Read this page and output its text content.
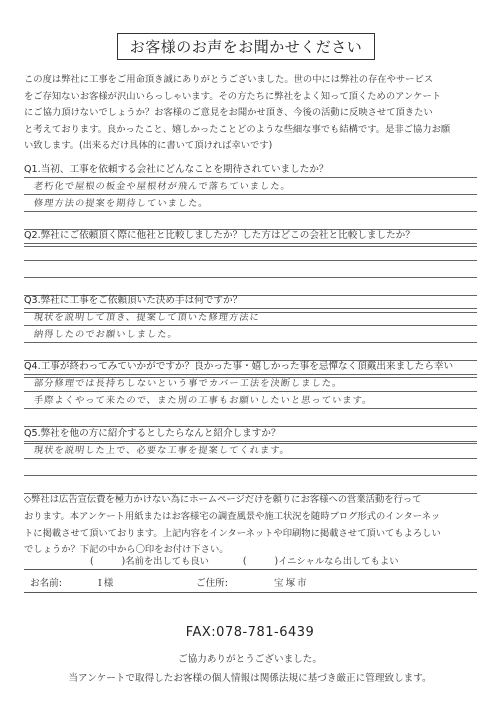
お客様のお声をお聞かせください
この度は弊社に工事をご用命頂き誠にありがとうございました。世の中には弊社の存在やサービス
をご存知ないお客様が沢山いらっしゃいます。その方たちに弊社をよく知って頂くためのアンケート
にご協力頂けないでしょうか？お客様のご意見をお聞かせ頂き、今後の活動に反映させて頂きたい
と考えております。良かったこと、嬉しかったことどのような些細な事でも結構です。是非ご協力お願
い致します。(出来るだけ具体的に書いて頂ければ幸いです)
Q1.当初、工事を依頼する会社にどんなことを期待されていましたか？
老朽化で屋根の板金や屋根材が飛んで落ちていました。
修理方法の提案を期待していました。
Q2.弊社にご依頼頂く際に他社と比較しましたか？した方はどこの会社と比較しましたか？
Q3.弊社に工事をご依頼頂いた決め手は何ですか？
現状を説明して頂き、提案して頂いた修理方法に
納得したのでお願いしました。
Q4.工事が終わってみていかがですか？良かった事・嬉しかった事を忌憚なく頂戴出来ましたら幸い
部分修理では長持ちしないという事でカバー工法を決断しました。
手際よくやって来たので、また別の工事もお願いしたいと思っています。
Q5.弊社を他の方に紹介するとしたらなんと紹介しますか？
現状を説明した上で、必要な工事を提案してくれます。
◇弊社は広告宣伝費を極力かけない為にホームページだけを頼りにお客様への営業活動を行って
おります。本アンケート用紙またはお客様宅の調査風景や施工状況を随時ブログ形式のインターネッ
トに掲載させて頂いております。上記内容をインターネットや印刷物に掲載させて頂いてもよろしい
でしょうか？下記の中から〇印をお付け下さい。
(	)名前を出しても良い	(	)イニシャルなら出してもよい
お名前:	I様	ご住所:	宝塚市
FAX:078-781-6439
ご協力ありがとうございました。
当アンケートで取得したお客様の個人情報は関係法規に基づき厳正に管理致します。
